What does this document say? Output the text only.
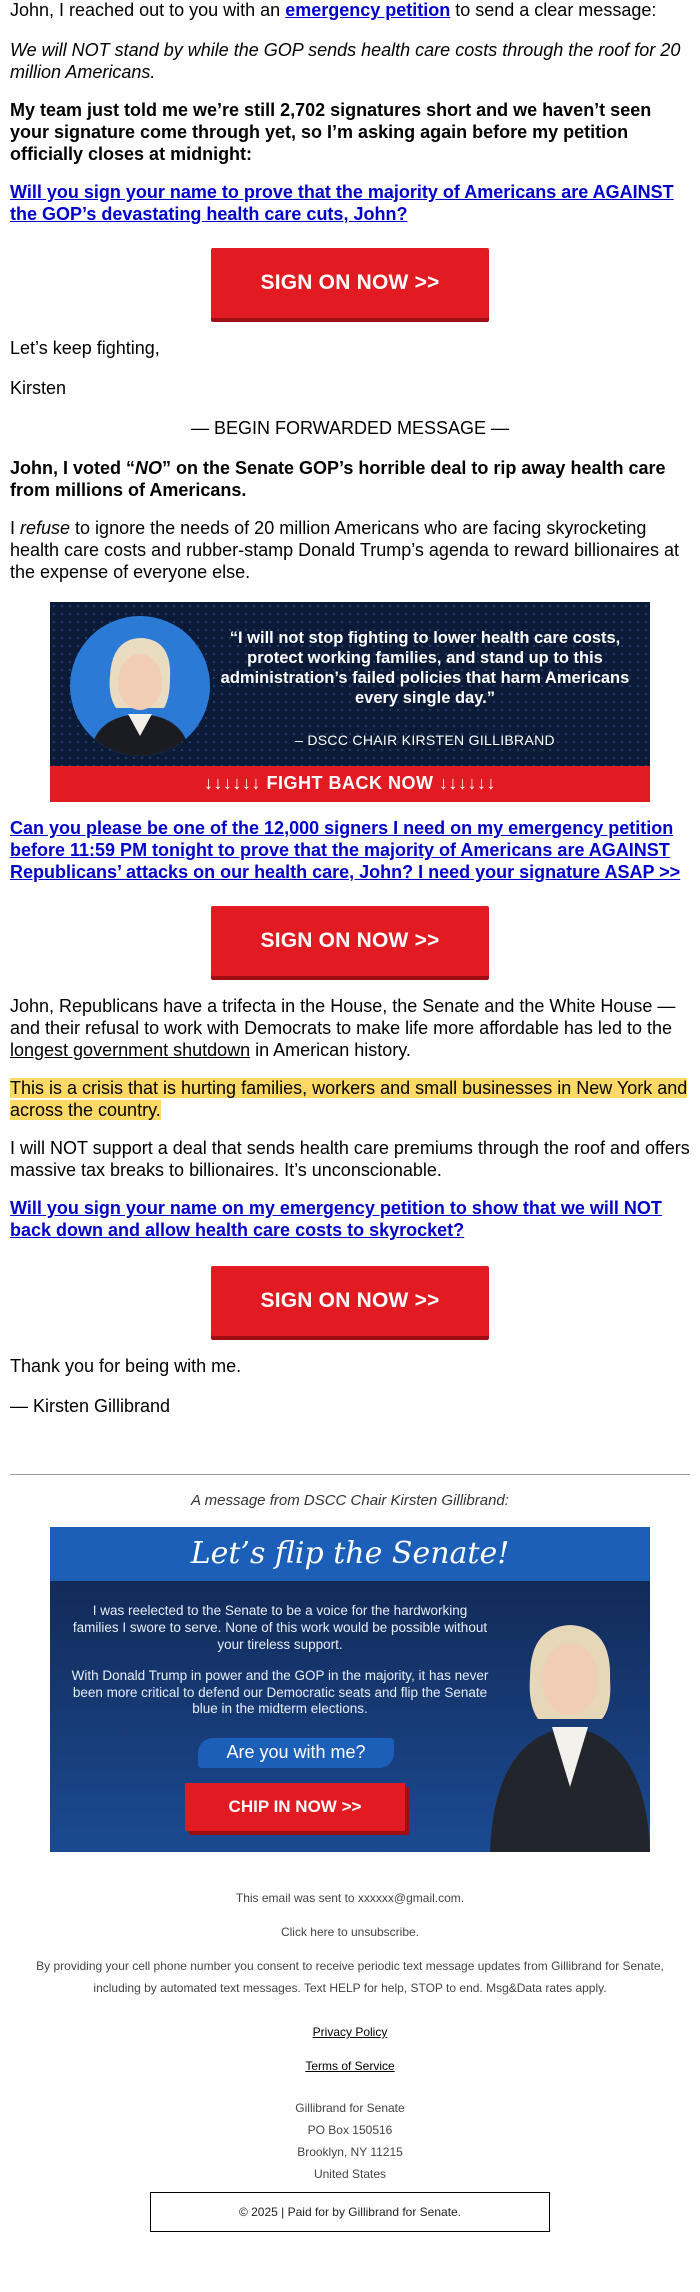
John, I reached out to you with an emergency petition to send a clear message:

We will NOT stand by while the GOP sends health care costs through the roof for 20 million Americans.

My team just told me we’re still 2,702 signatures short and we haven’t seen your signature come through yet, so I’m asking again before my petition officially closes at midnight:

Will you sign your name to prove that the majority of Americans are AGAINST the GOP’s devastating health care cuts, John?
SIGN ON NOW >>

Let’s keep fighting,

Kirsten

— BEGIN FORWARDED MESSAGE —

John, I voted “NO” on the Senate GOP’s horrible deal to rip away health care from millions of Americans.

I refuse to ignore the needs of 20 million Americans who are facing skyrocketing health care costs and rubber-stamp Donald Trump’s agenda to reward billionaires at the expense of everyone else.

“I will not stop fighting to lower health care costs, protect working families, and stand up to this administration’s failed policies that harm Americans every single day.”
– DSCC CHAIR KIRSTEN GILLIBRAND
↓↓↓↓↓↓ FIGHT BACK NOW ↓↓↓↓↓↓
Can you please be one of the 12,000 signers I need on my emergency petition before 11:59 PM tonight to prove that the majority of Americans are AGAINST Republicans’ attacks on our health care, John? I need your signature ASAP >>
SIGN ON NOW >>

John, Republicans have a trifecta in the House, the Senate and the White House — and their refusal to work with Democrats to make life more affordable has led to the longest government shutdown in American history.

This is a crisis that is hurting families, workers and small businesses in New York and across the country.

I will NOT support a deal that sends health care premiums through the roof and offers massive tax breaks to billionaires. It’s unconscionable.

Will you sign your name on my emergency petition to show that we will NOT back down and allow health care costs to skyrocket?
SIGN ON NOW >>

Thank you for being with me.

— Kirsten Gillibrand

A message from DSCC Chair Kirsten Gillibrand:

Let’s flip the Senate!

I was reelected to the Senate to be a voice for the hardworking families I swore to serve. None of this work would be possible without your tireless support.

With Donald Trump in power and the GOP in the majority, it has never been more critical to defend our Democratic seats and flip the Senate blue in the midterm elections.

Are you with me?
CHIP IN NOW >>

This email was sent to xxxxxx@gmail.com.

Click here to unsubscribe.

By providing your cell phone number you consent to receive periodic text message updates from Gillibrand for Senate, including by automated text messages. Text HELP for help, STOP to end. Msg&Data rates apply.

Privacy Policy

Terms of Service

Gillibrand for Senate

PO Box 150516

Brooklyn, NY 11215

United States

© 2025 | Paid for by Gillibrand for Senate.
